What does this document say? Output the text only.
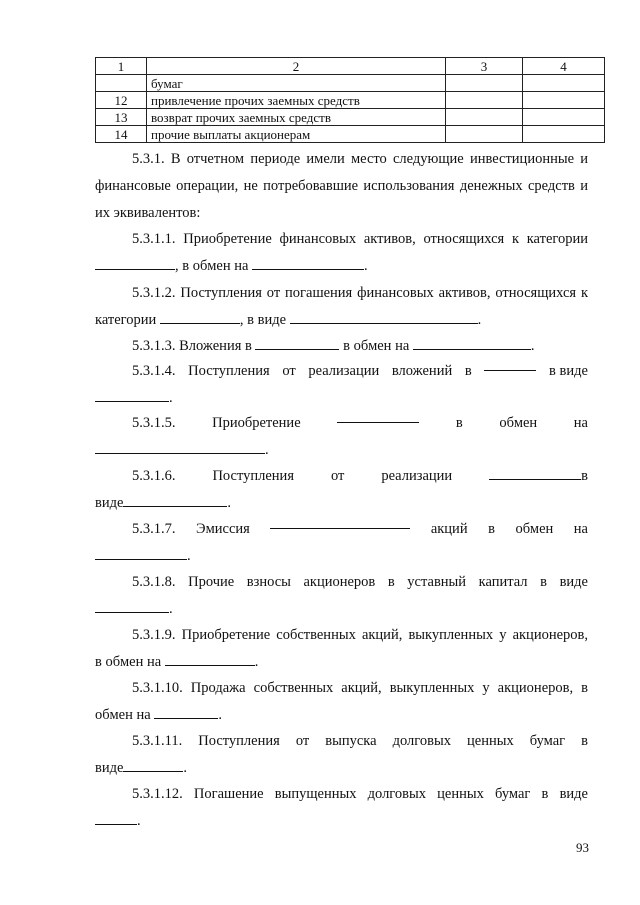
1	2	3	4
	бумаг		
12	привлечение прочих заемных средств		
13	возврат прочих заемных средств		
14	прочие выплаты акционерам		
5.3.1. В отчетном периоде имели место следующие инвестиционные и
финансовые операции, не потребовавшие использования денежных средств и
их эквивалентов:
5.3.1.1. Приобретение финансовых активов, относящихся к категории
, в обмен на	.
5.3.1.2. Поступления от погашения финансовых активов, относящихся к
категории	, в виде	.
5.3.1.3. Вложения в	в обмен на	.
5.3.1.4. Поступления от реализации вложений в	в виде
.
5.3.1.5.	Приобретение	в	обмен	на
.
5.3.1.6.	Поступления	от	реализации	в
виде	.
5.3.1.7. Эмиссия	акций в обмен на
.
5.3.1.8. Прочие взносы акционеров в уставный капитал в виде
.
5.3.1.9. Приобретение собственных акций, выкупленных у акционеров,
в обмен на	.
5.3.1.10. Продажа собственных акций, выкупленных у акционеров, в
обмен на	.
5.3.1.11. Поступления от выпуска долговых ценных бумаг в
виде	.
5.3.1.12. Погашение выпущенных долговых ценных бумаг в виде
.
93
